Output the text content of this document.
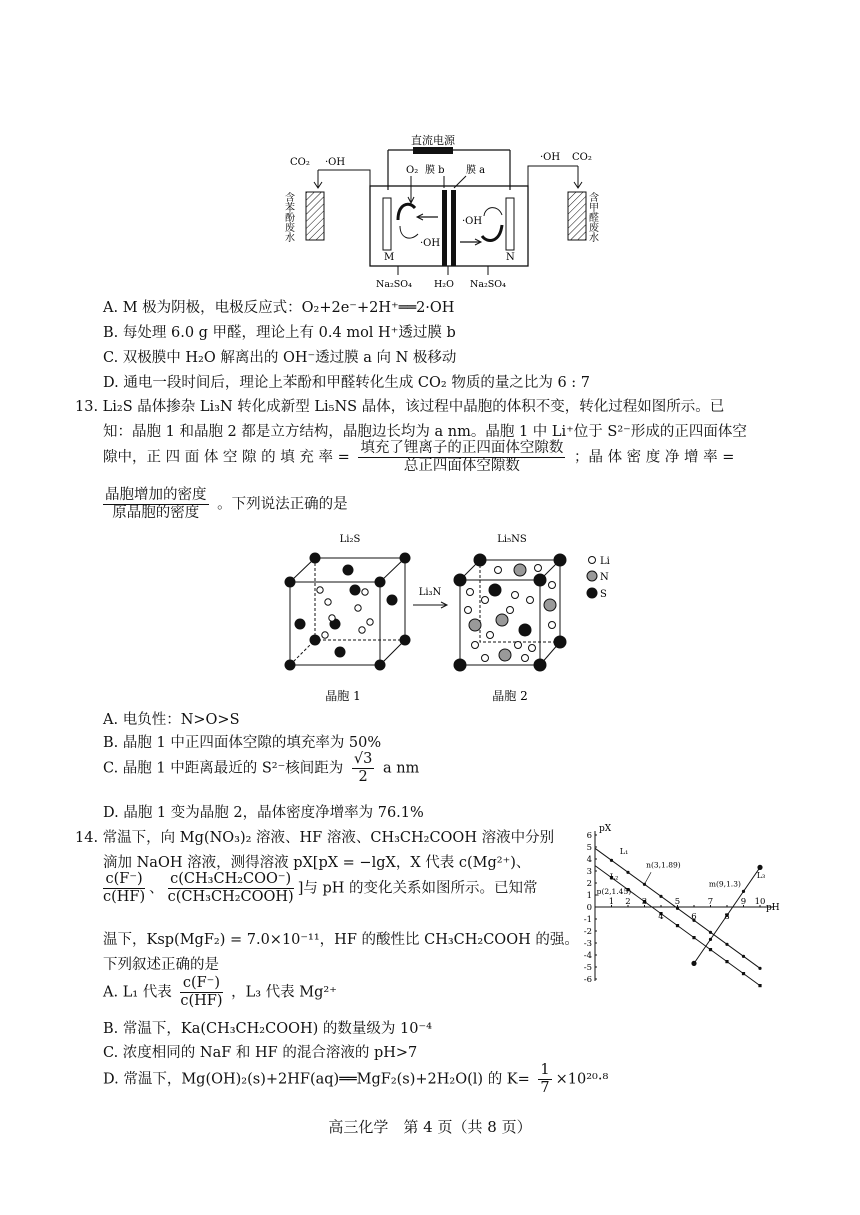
直流电源
CO₂ ·OH
含苯酚废水
·OH CO₂
含甲醛废水
O₂ 膜 b 膜 a
·OH
·OH
M	N
Na₂SO₄ H₂O Na₂SO₄
A. M 极为阴极，电极反应式：O₂+2e⁻+2H⁺══2·OH
B. 每处理 6.0 g 甲醛，理论上有 0.4 mol H⁺透过膜 b
C. 双极膜中 H₂O 解离出的 OH⁻透过膜 a 向 N 极移动
D. 通电一段时间后，理论上苯酚和甲醛转化生成 CO₂ 物质的量之比为 6 : 7
13. Li₂S 晶体掺杂 Li₃N 转化成新型 Li₅NS 晶体，该过程中晶胞的体积不变，转化过程如图所示。已
知：晶胞 1 和晶胞 2 都是立方结构，晶胞边长均为 a nm。晶胞 1 中 Li⁺位于 S²⁻形成的正四面体空
隙中，正 四 面 体 空 隙 的 填 充 率 = $\frac{\text{填充了锂离子的正四面体空隙数}}{\text{总正四面体空隙数}}$ ；晶 体 密 度 净 增 率 =
$\frac{\text{晶胞增加的密度}}{\text{原晶胞的密度}}$ 。下列说法正确的是
Li₂S	Li₅NS
Li₃N
Li
N
S
晶胞 1	晶胞 2
A. 电负性：N>O>S
B. 晶胞 1 中正四面体空隙的填充率为 50%
C. 晶胞 1 中距离最近的 S²⁻核间距为 $\frac{√3}{2}$ a nm
D. 晶胞 1 变为晶胞 2，晶体密度净增率为 76.1%
14. 常温下，向 Mg(NO₃)₂ 溶液、HF 溶液、CH₃CH₂COOH 溶液中分别
滴加 NaOH 溶液，测得溶液 pX[pX = −lgX，X 代表 c(Mg²⁺)、
$\frac{c(F^-)}{c(HF)}$ 、 $\frac{\text{c(CH₃CH₂COO⁻)}}{\text{c(CH₃CH₂COOH)}}$ ]与 pH 的变化关系如图所示。已知常
温下，Ksp(MgF₂) = 7.0×10⁻¹¹，HF 的酸性比 CH₃CH₂COOH 的强。
下列叙述正确的是
A. L₁ 代表 $\frac{c(F^-)}{c(HF)}$ ，L₃ 代表 Mg²⁺
B. 常温下，Ka(CH₃CH₂COOH) 的数量级为 10⁻⁴
C. 浓度相同的 NaF 和 HF 的混合溶液的 pH>7
D. 常温下，Mg(OH)₂(s)+2HF(aq)══MgF₂(s)+2H₂O(l) 的 $K= \frac{1}{7} \times 10^{20}\cdot^8$
pX
pH
1 2 3
4
5
6
7
8
9 10
6
5
4
3
2
1
0
-1
-2
-3
-4
-5
-6
L₁
L₂	L₃
n(3,1.89)
m(9,1.3)
p(2,1.45)
高三化学　第 4 页（共 8 页）
